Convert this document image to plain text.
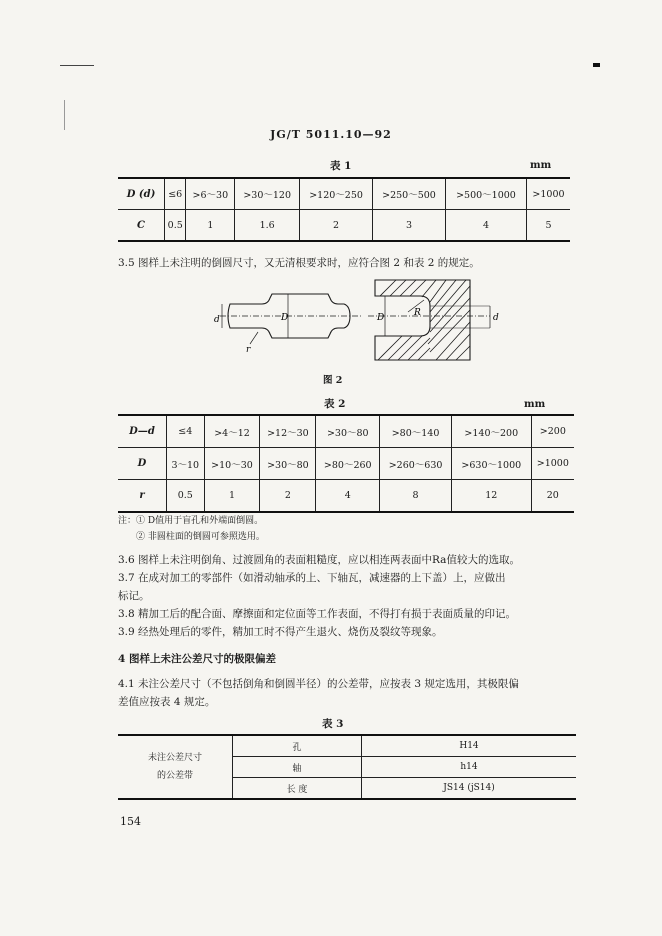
JG/T 5011.10—92
表 1	mm
D (d)	≤6	>6～30	>30～120	>120～250	>250～500	>500～1000	>1000
C	0.5	1	1.6	2	3	4	5
3.5 图样上未注明的倒圆尺寸，又无清根要求时，应符合图 2 和表 2 的规定。
d	D
r
D	R	d
图 2
表 2	mm
D—d	≤4	>4～12	>12～30	>30～80	>80～140	>140～200	>200
D	3～10	>10～30	>30～80	>80～260	>260～630	>630～1000	>1000
r	0.5	1	2	4	8	12	20
注：① D值用于盲孔和外端面倒圆。
② 非圆柱面的倒圆可参照选用。
3.6 图样上未注明倒角、过渡圆角的表面粗糙度，应以相连两表面中Ra值较大的选取。
3.7 在成对加工的零部件（如滑动轴承的上、下轴瓦，减速器的上下盖）上，应做出
标记。
3.8 精加工后的配合面、摩擦面和定位面等工作表面，不得打有损于表面质量的印记。
3.9 经热处理后的零件，精加工时不得产生退火、烧伤及裂纹等现象。
4 图样上未注公差尺寸的极限偏差
4.1 未注公差尺寸（不包括倒角和倒圆半径）的公差带，应按表 3 规定选用，其极限偏
差值应按表 4 规定。
表 3
未注公差尺寸
的公差带	孔	H14
	轴	h14
	长 度	JS14 (jS14)
154
